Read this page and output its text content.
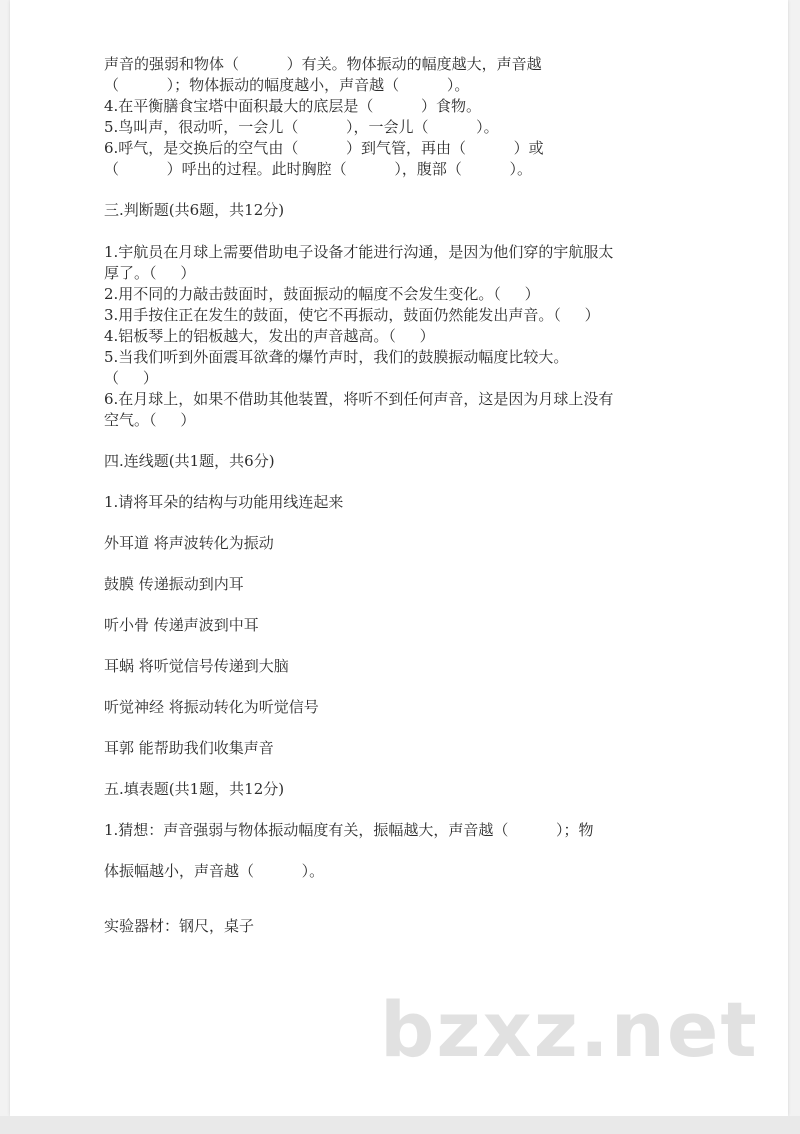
声音的强弱和物体（          ）有关。物体振动的幅度越大，声音越

（          ）；物体振动的幅度越小，声音越（          ）。

4.在平衡膳食宝塔中面积最大的底层是（          ）食物。

5.鸟叫声，很动听，一会儿（          ），一会儿（          ）。

6.呼气，是交换后的空气由（          ）到气管，再由（          ）或

（          ）呼出的过程。此时胸腔（          ），腹部（          ）。

三.判断题(共6题，共12分)

1.宇航员在月球上需要借助电子设备才能进行沟通，是因为他们穿的宇航服太

厚了。（     ）

2.用不同的力敲击鼓面时，鼓面振动的幅度不会发生变化。（     ）

3.用手按住正在发生的鼓面，使它不再振动，鼓面仍然能发出声音。（     ）

4.铝板琴上的铝板越大，发出的声音越高。（     ）

5.当我们听到外面震耳欲聋的爆竹声时，我们的鼓膜振动幅度比较大。

（     ）

6.在月球上，如果不借助其他装置，将听不到任何声音，这是因为月球上没有

空气。（     ）

四.连线题(共1题，共6分)

1.请将耳朵的结构与功能用线连起来

外耳道 将声波转化为振动

鼓膜 传递振动到内耳

听小骨 传递声波到中耳

耳蜗 将听觉信号传递到大脑

听觉神经 将振动转化为听觉信号

耳郭 能帮助我们收集声音

五.填表题(共1题，共12分)

1.猜想：声音强弱与物体振动幅度有关，振幅越大，声音越（          ）；物

体振幅越小，声音越（          ）。

实验器材：钢尺，桌子

bzxz.net
